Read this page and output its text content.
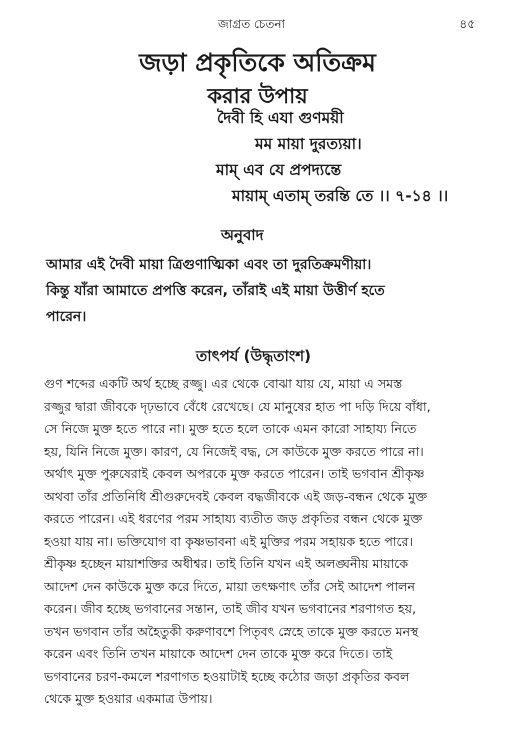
জাগ্রত চেতনা	৪৫
জড়া প্রকৃতিকে অতিক্রম
করার উপায়
দৈবী হি এযা গুণময়ী
মম মায়া দুরত্যয়া।
মাম্‌ এব যে প্রপদ্যন্তে
মায়াম্‌ এতাম্‌ তরন্তি তে ।। ৭-১৪ ।।
অনুবাদ
আমার এই দৈবী মায়া ত্রিগুণাত্মিকা এবং তা দুরতিক্রমণীয়া।
কিন্তু যাঁরা আমাতে প্রপত্তি করেন, তাঁরাই এই মায়া উত্তীর্ণ হতে
পারেন।
তাৎপর্য (উদ্ধৃতাংশ)
গুণ শব্দের একটি অর্থ হচ্ছে রজ্জু। এর থেকে বোঝা যায় যে, মায়া এ সমস্ত
রজ্জুর দ্বারা জীবকে দৃঢ়ভাবে বেঁধে রেখেছে। যে মানুষের হাত পা দড়ি দিয়ে বাঁধা,
সে নিজে মুক্ত হতে পারে না। মুক্ত হতে হলে তাকে এমন কারো সাহায্য নিতে
হয়, যিনি নিজে মুক্ত। কারণ, যে নিজেই বদ্ধ, সে কাউকে মুক্ত করতে পারে না।
অর্থাৎ মুক্ত পুরুষেরাই কেবল অপরকে মুক্ত করতে পারেন। তাই ভগবান শ্রীকৃষ্ণ
অথবা তাঁর প্রতিনিধি শ্রীগুরুদেবই কেবল বদ্ধজীবকে এই জড়-বন্ধন থেকে মুক্ত
করতে পারেন। এই ধরণের পরম সাহায্য ব্যতীত জড় প্রকৃতির বন্ধন থেকে মুক্ত
হওয়া যায় না। ভক্তিযোগ বা কৃষ্ণভাবনা এই মুক্তির পরম সহায়ক হতে পারে।
শ্রীকৃষ্ণ হচ্ছেন মায়াশক্তির অধীশ্বর। তাই তিনি যখন এই অলঙ্ঘনীয় মায়াকে
আদেশ দেন কাউকে মুক্ত করে দিতে, মায়া তৎক্ষণাৎ তাঁর সেই আদেশ পালন
করেন। জীব হচ্ছে ভগবানের সন্তান, তাই জীব যখন ভগবানের শরণাগত হয়,
তখন ভগবান তাঁর অহৈতুকী করুণাবশে পিতৃবৎ স্নেহে তাকে মুক্ত করতে মনস্থ
করেন এবং তিনি তখন মায়াকে আদেশ দেন তাকে মুক্ত করে দিতে। তাই
ভগবানের চরণ-কমলে শরণাগত হওয়াটাই হচ্ছে কঠোর জড়া প্রকৃতির কবল
থেকে মুক্ত হওয়ার একমাত্র উপায়।
